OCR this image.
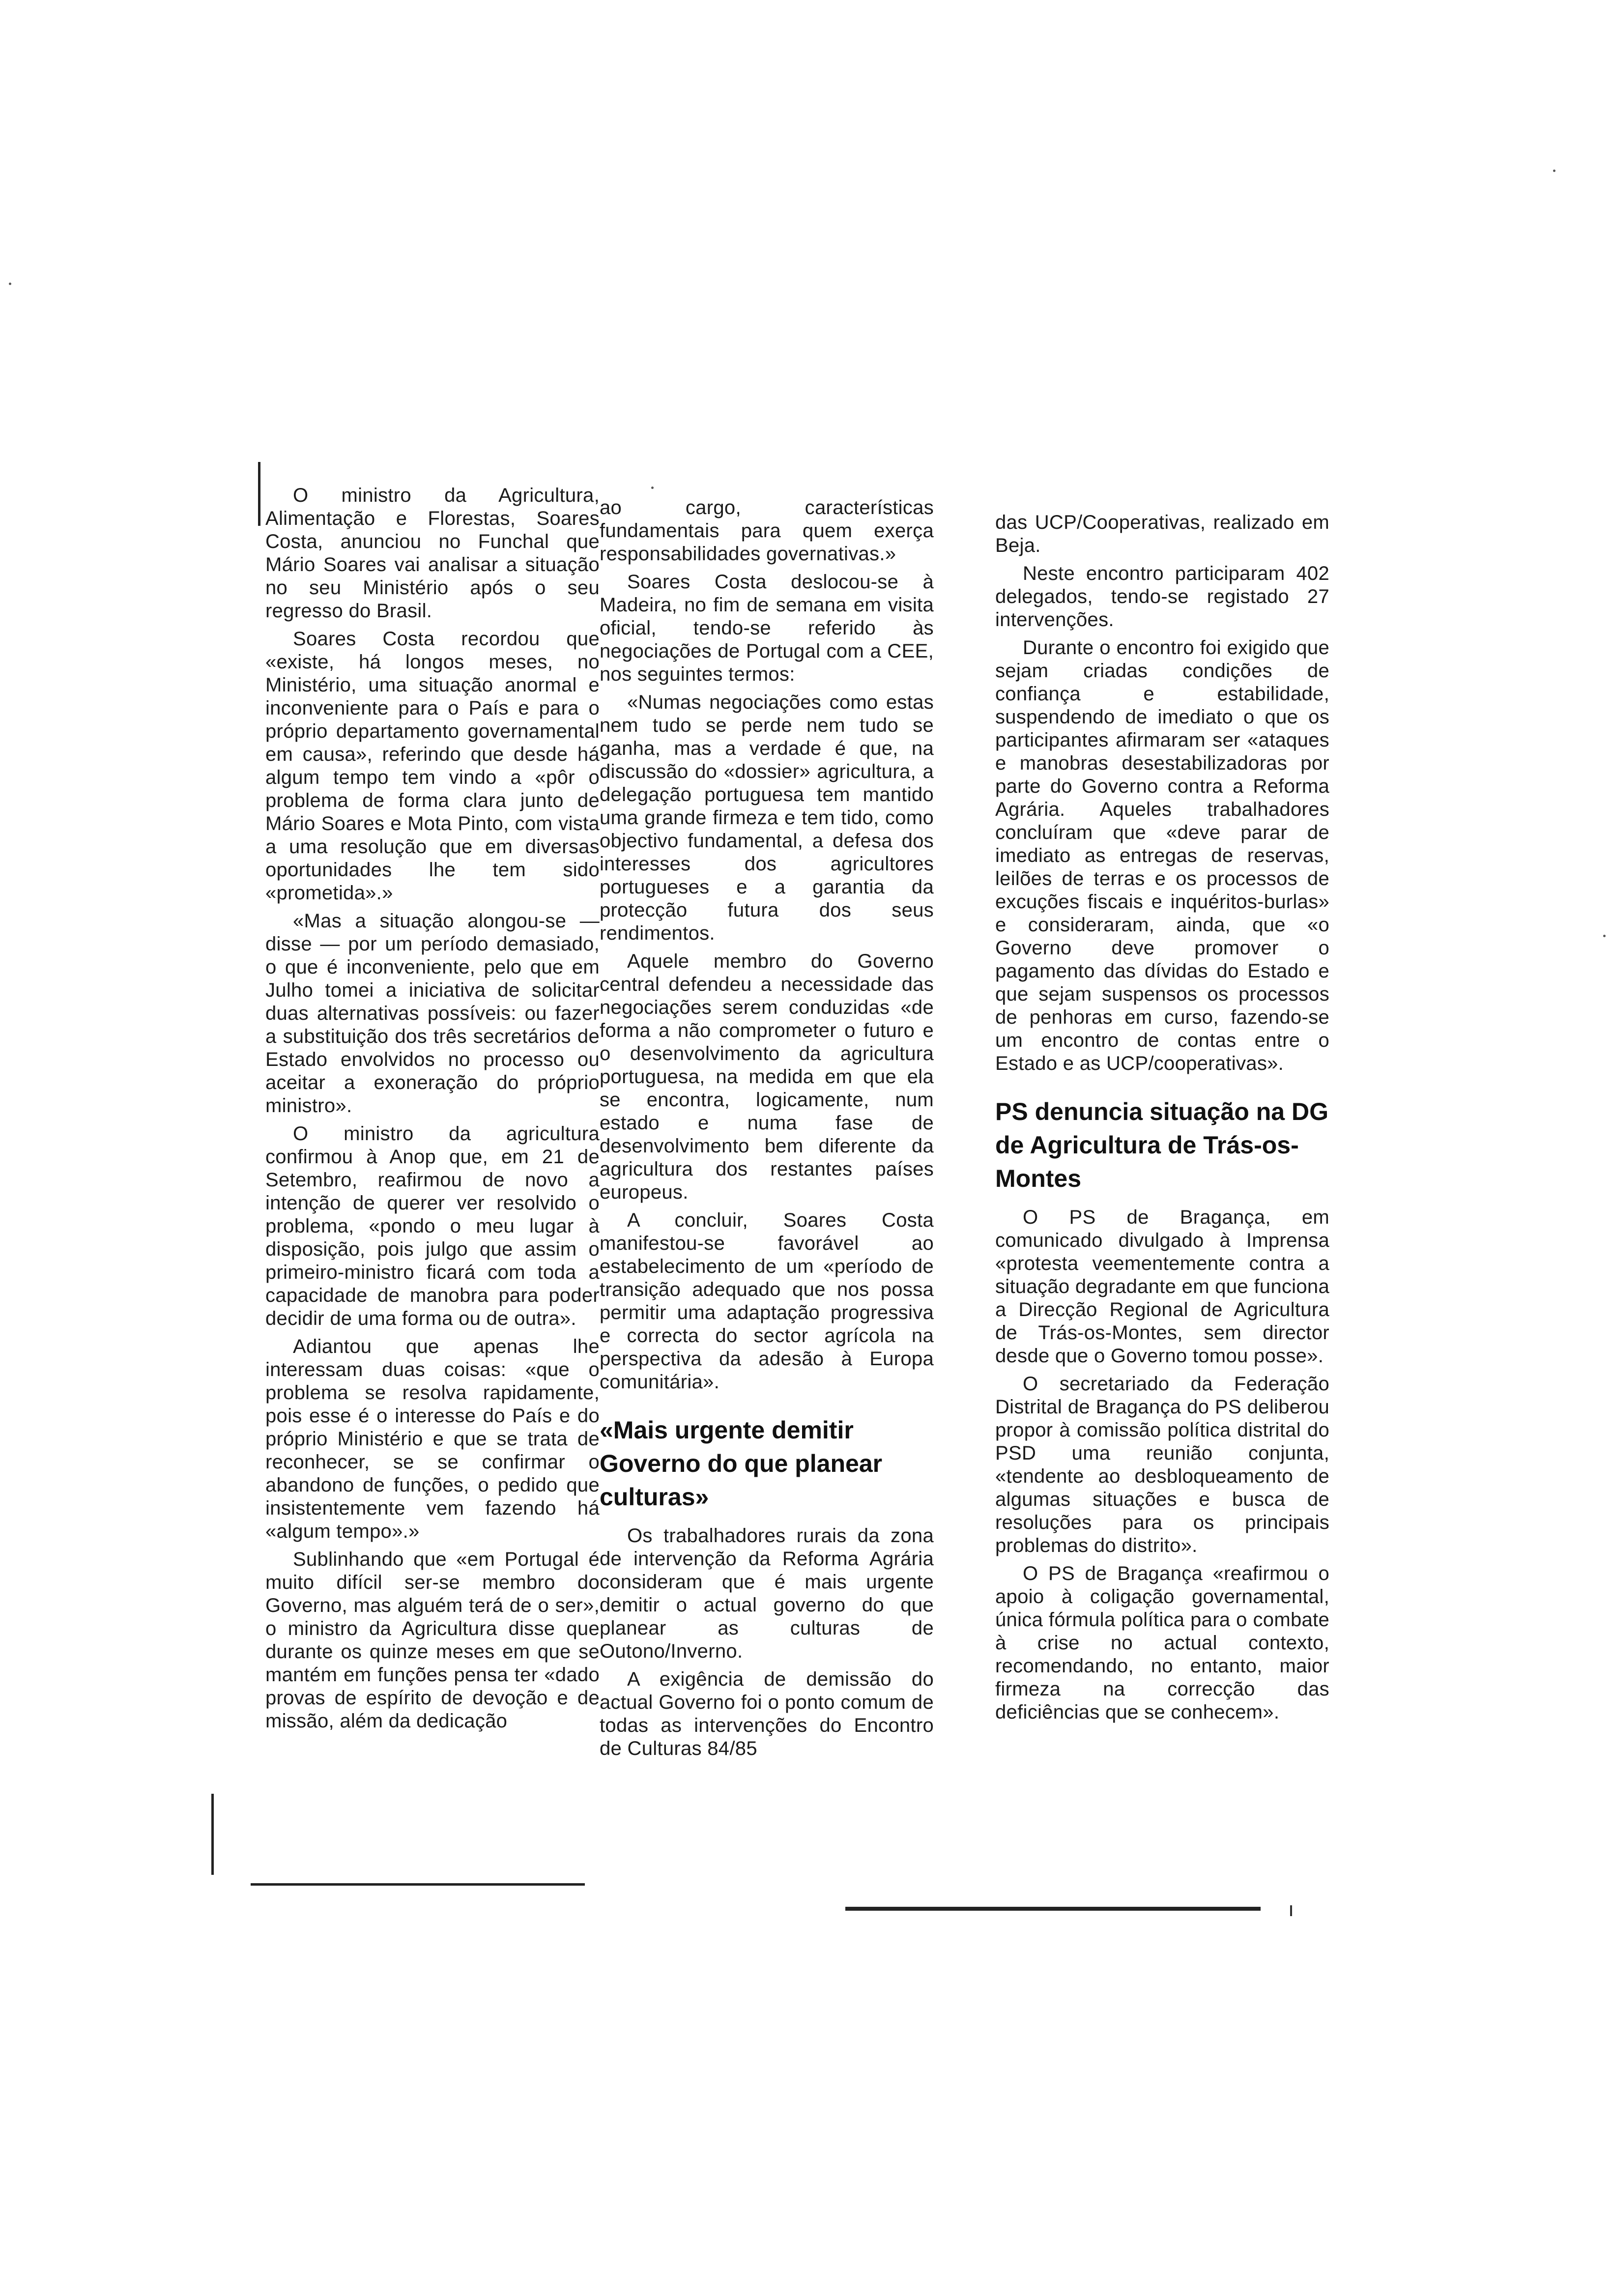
O ministro da Agricultura, Alimentação e Florestas, Soares Costa, anunciou no Funchal que Mário Soares vai analisar a situação no seu Ministério após o seu regresso do Brasil.

Soares Costa recordou que «existe, há longos meses, no Ministério, uma situação anormal e inconveniente para o País e para o próprio departamento governamental em causa», referindo que desde há algum tempo tem vindo a «pôr o problema de forma clara junto de Mário Soares e Mota Pinto, com vista a uma resolução que em diversas oportunidades lhe tem sido «prometida».»

«Mas a situação alongou-se — disse — por um período demasiado, o que é inconveniente, pelo que em Julho tomei a iniciativa de solicitar duas alternativas possíveis: ou fazer a substituição dos três secretários de Estado envolvidos no processo ou aceitar a exoneração do próprio ministro».

O ministro da agricultura confirmou à Anop que, em 21 de Setembro, reafirmou de novo a intenção de querer ver resolvido o problema, «pondo o meu lugar à disposição, pois julgo que assim o primeiro-ministro ficará com toda a capacidade de manobra para poder decidir de uma forma ou de outra».

Adiantou que apenas lhe interessam duas coisas: «que o problema se resolva rapidamente, pois esse é o interesse do País e do próprio Ministério e que se trata de reconhecer, se se confirmar o abandono de funções, o pedido que insistentemente vem fazendo há «algum tempo».»

Sublinhando que «em Portugal é muito difícil ser-se membro do Governo, mas alguém terá de o ser», o ministro da Agricultura disse que durante os quinze meses em que se mantém em funções pensa ter «dado provas de espírito de devoção e de missão, além da dedicação

ao cargo, características fundamentais para quem exerça responsabilidades governativas.»

Soares Costa deslocou-se à Madeira, no fim de semana em visita oficial, tendo-se referido às negociações de Portugal com a CEE, nos seguintes termos:

«Numas negociações como estas nem tudo se perde nem tudo se ganha, mas a verdade é que, na discussão do «dossier» agricultura, a delegação portuguesa tem mantido uma grande firmeza e tem tido, como objectivo fundamental, a defesa dos interesses dos agricultores portugueses e a garantia da protecção futura dos seus rendimentos.

Aquele membro do Governo central defendeu a necessidade das negociações serem conduzidas «de forma a não comprometer o futuro e o desenvolvimento da agricultura portuguesa, na medida em que ela se encontra, logicamente, num estado e numa fase de desenvolvimento bem diferente da agricultura dos restantes países europeus.

A concluir, Soares Costa manifestou-se favorável ao estabelecimento de um «período de transição adequado que nos possa permitir uma adaptação progressiva e correcta do sector agrícola na perspectiva da adesão à Europa comunitária».

«Mais urgente demitir Governo do que planear culturas»

Os trabalhadores rurais da zona de intervenção da Reforma Agrária consideram que é mais urgente demitir o actual governo do que planear as culturas de Outono/Inverno.

A exigência de demissão do actual Governo foi o ponto comum de todas as intervenções do Encontro de Culturas 84/85

das UCP/Cooperativas, realizado em Beja.

Neste encontro participaram 402 delegados, tendo-se registado 27 intervenções.

Durante o encontro foi exigido que sejam criadas condições de confiança e estabilidade, suspendendo de imediato o que os participantes afirmaram ser «ataques e manobras desestabilizadoras por parte do Governo contra a Reforma Agrária. Aqueles trabalhadores concluíram que «deve parar de imediato as entregas de reservas, leilões de terras e os processos de excuções fiscais e inquéritos-burlas» e consideraram, ainda, que «o Governo deve promover o pagamento das dívidas do Estado e que sejam suspensos os processos de penhoras em curso, fazendo-se um encontro de contas entre o Estado e as UCP/cooperativas».

PS denuncia situação na DG de Agricultura de Trás-os-Montes

O PS de Bragança, em comunicado divulgado à Imprensa «protesta veementemente contra a situação degradante em que funciona a Direcção Regional de Agricultura de Trás-os-Montes, sem director desde que o Governo tomou posse».

O secretariado da Federação Distrital de Bragança do PS deliberou propor à comissão política distrital do PSD uma reunião conjunta, «tendente ao desbloqueamento de algumas situações e busca de resoluções para os principais problemas do distrito».

O PS de Bragança «reafirmou o apoio à coligação governamental, única fórmula política para o combate à crise no actual contexto, recomendando, no entanto, maior firmeza na correcção das deficiências que se conhecem».
